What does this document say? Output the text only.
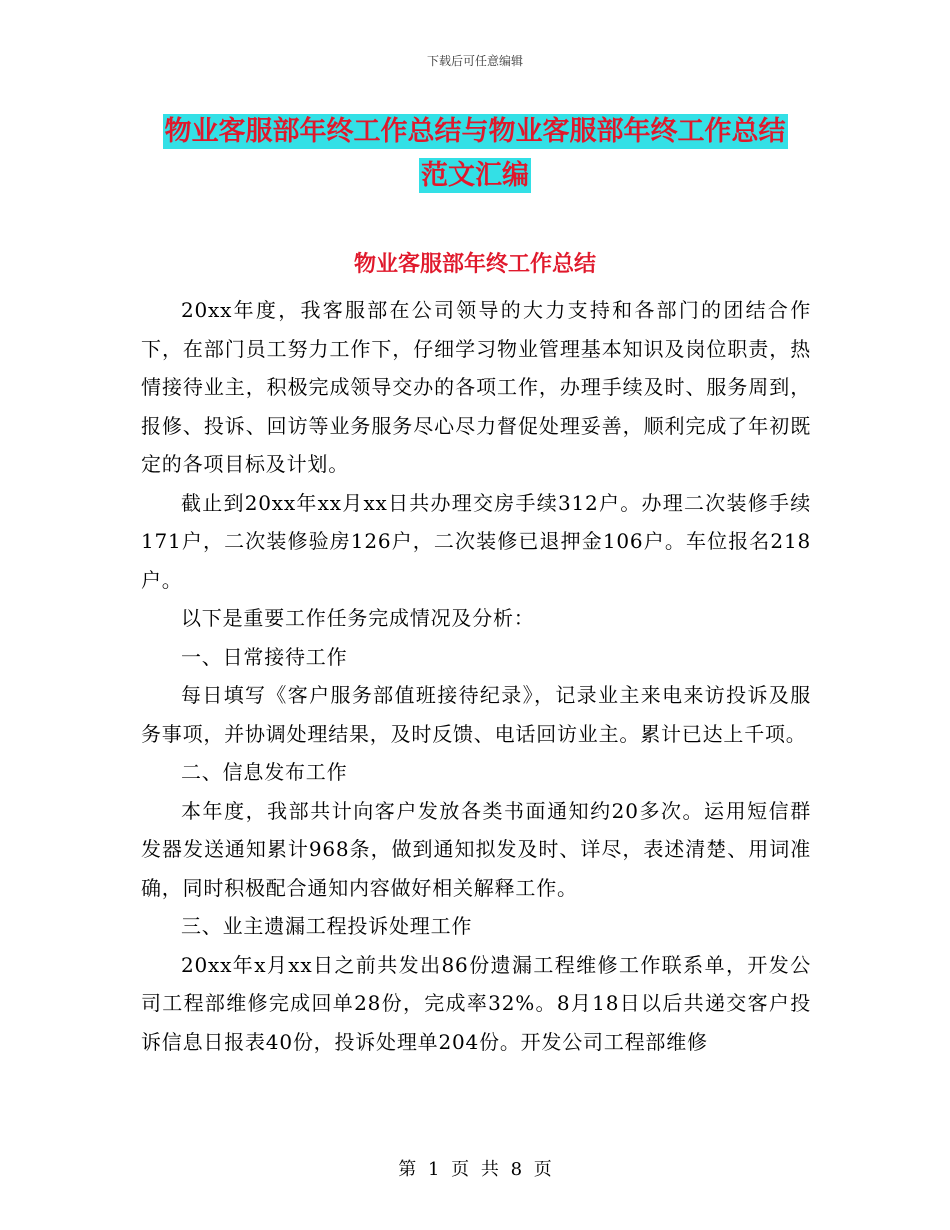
下载后可任意编辑
物业客服部年终工作总结与物业客服部年终工作总结
范文汇编
物业客服部年终工作总结

20xx年度，我客服部在公司领导的大力支持和各部门的团结合作下，在部门员工努力工作下，仔细学习物业管理基本知识及岗位职责，热情接待业主，积极完成领导交办的各项工作，办理手续及时、服务周到，报修、投诉、回访等业务服务尽心尽力督促处理妥善，顺利完成了年初既定的各项目标及计划。

截止到20xx年xx月xx日共办理交房手续312户。办理二次装修手续171户，二次装修验房126户，二次装修已退押金106户。车位报名218户。

以下是重要工作任务完成情况及分析：

一、日常接待工作

每日填写《客户服务部值班接待纪录》，记录业主来电来访投诉及服务事项，并协调处理结果，及时反馈、电话回访业主。累计已达上千项。

二、信息发布工作

本年度，我部共计向客户发放各类书面通知约20多次。运用短信群发器发送通知累计968条，做到通知拟发及时、详尽，表述清楚、用词准确，同时积极配合通知内容做好相关解释工作。

三、业主遗漏工程投诉处理工作

20xx年x月xx日之前共发出86份遗漏工程维修工作联系单，开发公司工程部维修完成回单28份，完成率32%。8月18日以后共递交客户投诉信息日报表40份，投诉处理单204份。开发公司工程部维修

第 1 页 共 8 页
